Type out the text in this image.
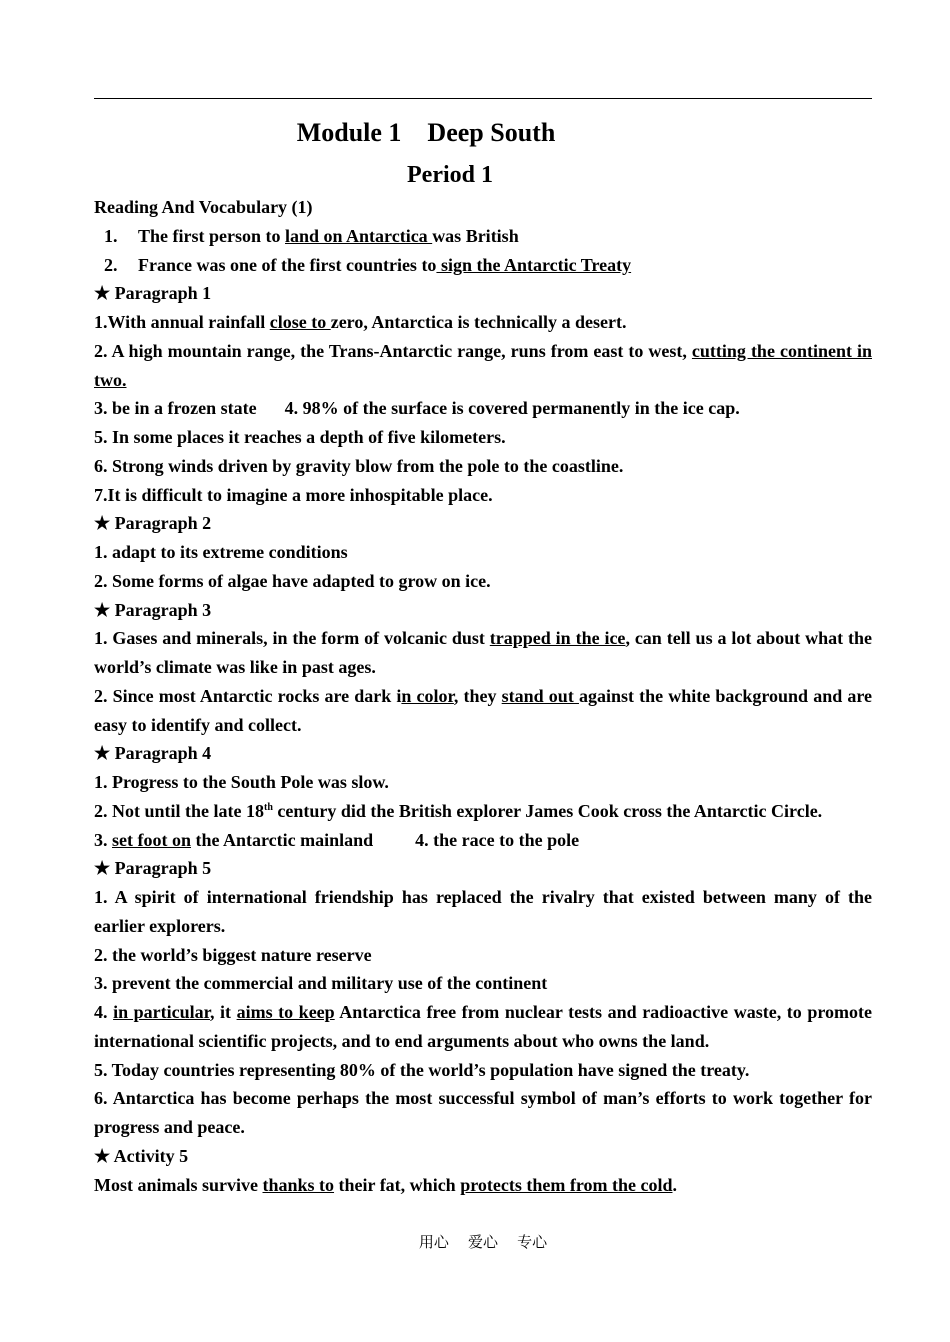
Module 1    Deep South
Period 1

Reading And Vocabulary (1)

1. The first person to land on Antarctica was British

2. France was one of the first countries to sign the Antarctic Treaty

★ Paragraph 1

1.With annual rainfall close to zero, Antarctica is technically a desert.

2. A high mountain range, the Trans-Antarctic range, runs from east to west, cutting the continent in two.

3. be in a frozen state 4. 98% of the surface is covered permanently in the ice cap.

5. In some places it reaches a depth of five kilometers.

6. Strong winds driven by gravity blow from the pole to the coastline.

7.It is difficult to imagine a more inhospitable place.

★ Paragraph 2

1. adapt to its extreme conditions

2. Some forms of algae have adapted to grow on ice.

★ Paragraph 3

1. Gases and minerals, in the form of volcanic dust trapped in the ice, can tell us a lot about what the world’s climate was like in past ages.

2. Since most Antarctic rocks are dark in color, they stand out against the white background and are easy to identify and collect.

★ Paragraph 4

1. Progress to the South Pole was slow.

2. Not until the late 18th century did the British explorer James Cook cross the Antarctic Circle.

3. set foot on the Antarctic mainland 4. the race to the pole

★ Paragraph 5

1. A spirit of international friendship has replaced the rivalry that existed between many of the earlier explorers.

2. the world’s biggest nature reserve

3. prevent the commercial and military use of the continent

4. in particular, it aims to keep Antarctica free from nuclear tests and radioactive waste, to promote international scientific projects, and to end arguments about who owns the land.

5. Today countries representing 80% of the world’s population have signed the treaty.

6. Antarctica has become perhaps the most successful symbol of man’s efforts to work together for progress and peace.

★ Activity 5

Most animals survive thanks to their fat, which protects them from the cold.

用心    爱心    专心
